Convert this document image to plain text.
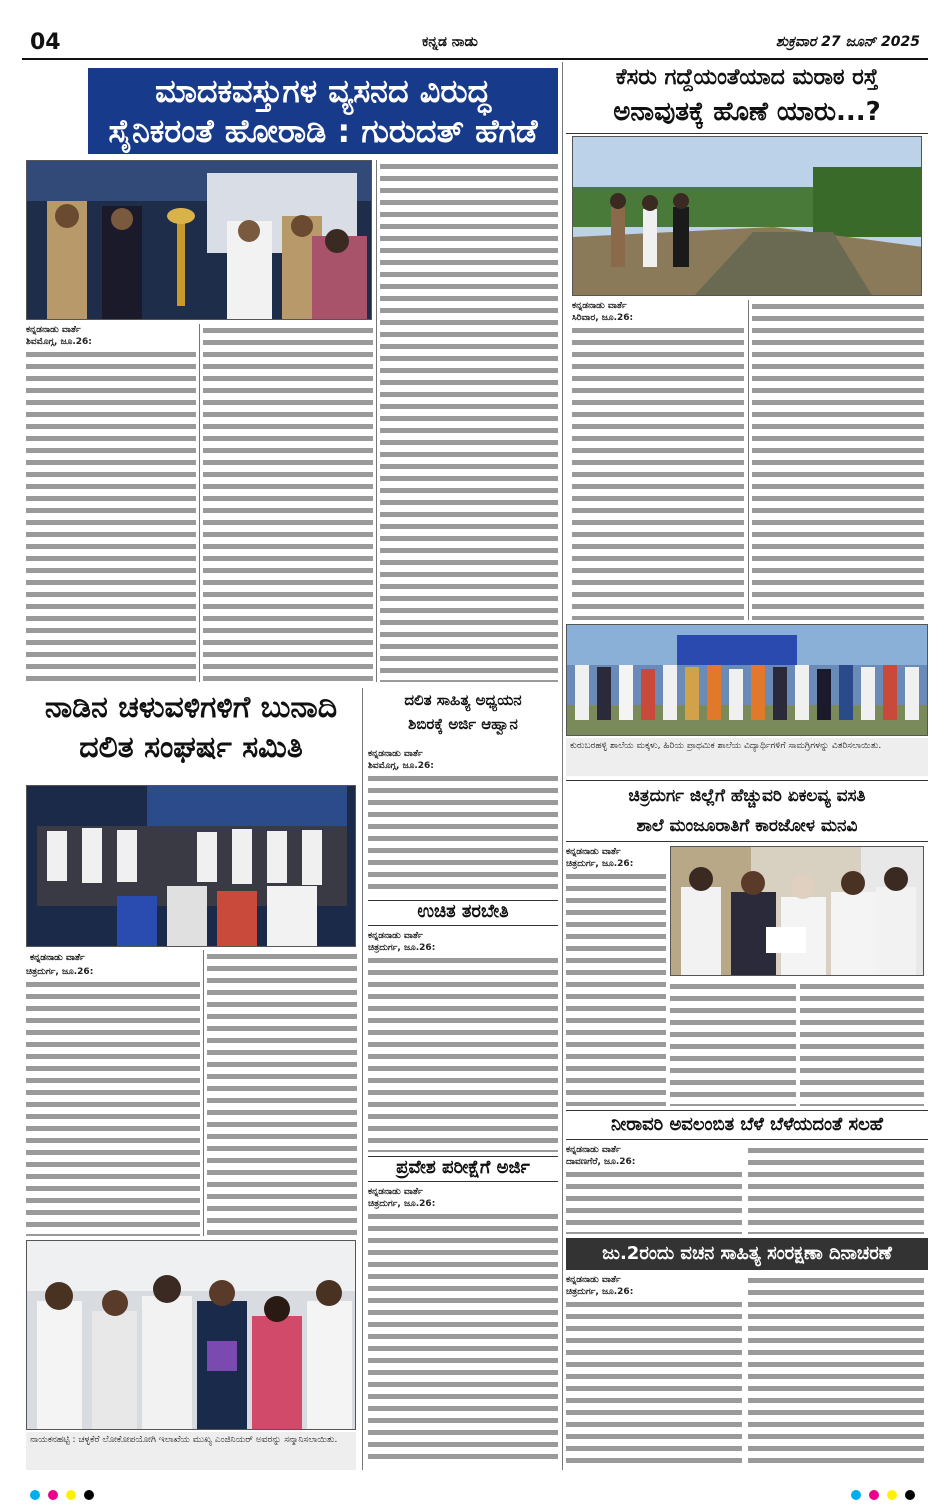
04	ಕನ್ನಡ ನಾಡು	ಶುಕ್ರವಾರ 27 ಜೂನ್ 2025
ಮಾದಕವಸ್ತುಗಳ ವ್ಯಸನದ ವಿರುದ್ಧ
ಸೈನಿಕರಂತೆ ಹೋರಾಡಿ : ಗುರುದತ್ ಹೆಗಡೆ
ಕನ್ನಡನಾಡು ವಾರ್ತೆ
ಶಿವಮೊಗ್ಗ, ಜೂ.26:
ನಾಡಿನ ಚಳುವಳಿಗಳಿಗೆ ಬುನಾದಿ
ದಲಿತ ಸಂಘರ್ಷ ಸಮಿತಿ
ಕನ್ನಡನಾಡು ವಾರ್ತೆ
ಚಿತ್ರದುರ್ಗ, ಜೂ.26:
ನಾಯಕನಹಟ್ಟಿ : ಚಳ್ಳಕೆರೆ ಲೋಕೋಪಯೋಗಿ ಇಲಾಖೆಯ ಮುಖ್ಯ ಎಂಜಿನಿಯರ್ ಅವರನ್ನು ಸನ್ಮಾನಿಸಲಾಯಿತು.
ದಲಿತ ಸಾಹಿತ್ಯ ಅಧ್ಯಯನ
ಶಿಬಿರಕ್ಕೆ ಅರ್ಜಿ ಆಹ್ವಾನ
ಕನ್ನಡನಾಡು ವಾರ್ತೆ
ಶಿವಮೊಗ್ಗ, ಜೂ.26:
ಉಚಿತ ತರಬೇತಿ
ಕನ್ನಡನಾಡು ವಾರ್ತೆ
ಚಿತ್ರದುರ್ಗ, ಜೂ.26:
ಪ್ರವೇಶ ಪರೀಕ್ಷೆಗೆ ಅರ್ಜಿ
ಕನ್ನಡನಾಡು ವಾರ್ತೆ
ಚಿತ್ರದುರ್ಗ, ಜೂ.26:
ಕೆಸರು ಗದ್ದೆಯಂತೆಯಾದ ಮರಾಠ ರಸ್ತೆ
ಅನಾವುತಕ್ಕೆ ಹೊಣೆ ಯಾರು...?
ಕನ್ನಡನಾಡು ವಾರ್ತೆ
ಸಿರಿವಾರ, ಜೂ.26:
ಕುರುಬರಹಳ್ಳಿ ಶಾಲೆಯ ಮಕ್ಕಳು, ಹಿರಿಯ ಪ್ರಾಥಮಿಕ ಶಾಲೆಯ ವಿದ್ಯಾರ್ಥಿಗಳಿಗೆ ಸಾಮಗ್ರಿಗಳನ್ನು ವಿತರಿಸಲಾಯಿತು.
ಚಿತ್ರದುರ್ಗ ಜಿಲ್ಲೆಗೆ ಹೆಚ್ಚುವರಿ ಏಕಲವ್ಯ ವಸತಿ
ಶಾಲೆ ಮಂಜೂರಾತಿಗೆ ಕಾರಜೋಳ ಮನವಿ
ಕನ್ನಡನಾಡು ವಾರ್ತೆ
ಚಿತ್ರದುರ್ಗ, ಜೂ.26:
ನೀರಾವರಿ ಅವಲಂಬಿತ ಬೆಳೆ ಬೆಳೆಯದಂತೆ ಸಲಹೆ
ಕನ್ನಡನಾಡು ವಾರ್ತೆ
ದಾವಣಗೆರೆ, ಜೂ.26:
ಜು.2ರಂದು ವಚನ ಸಾಹಿತ್ಯ ಸಂರಕ್ಷಣಾ ದಿನಾಚರಣೆ
ಕನ್ನಡನಾಡು ವಾರ್ತೆ
ಚಿತ್ರದುರ್ಗ, ಜೂ.26:
